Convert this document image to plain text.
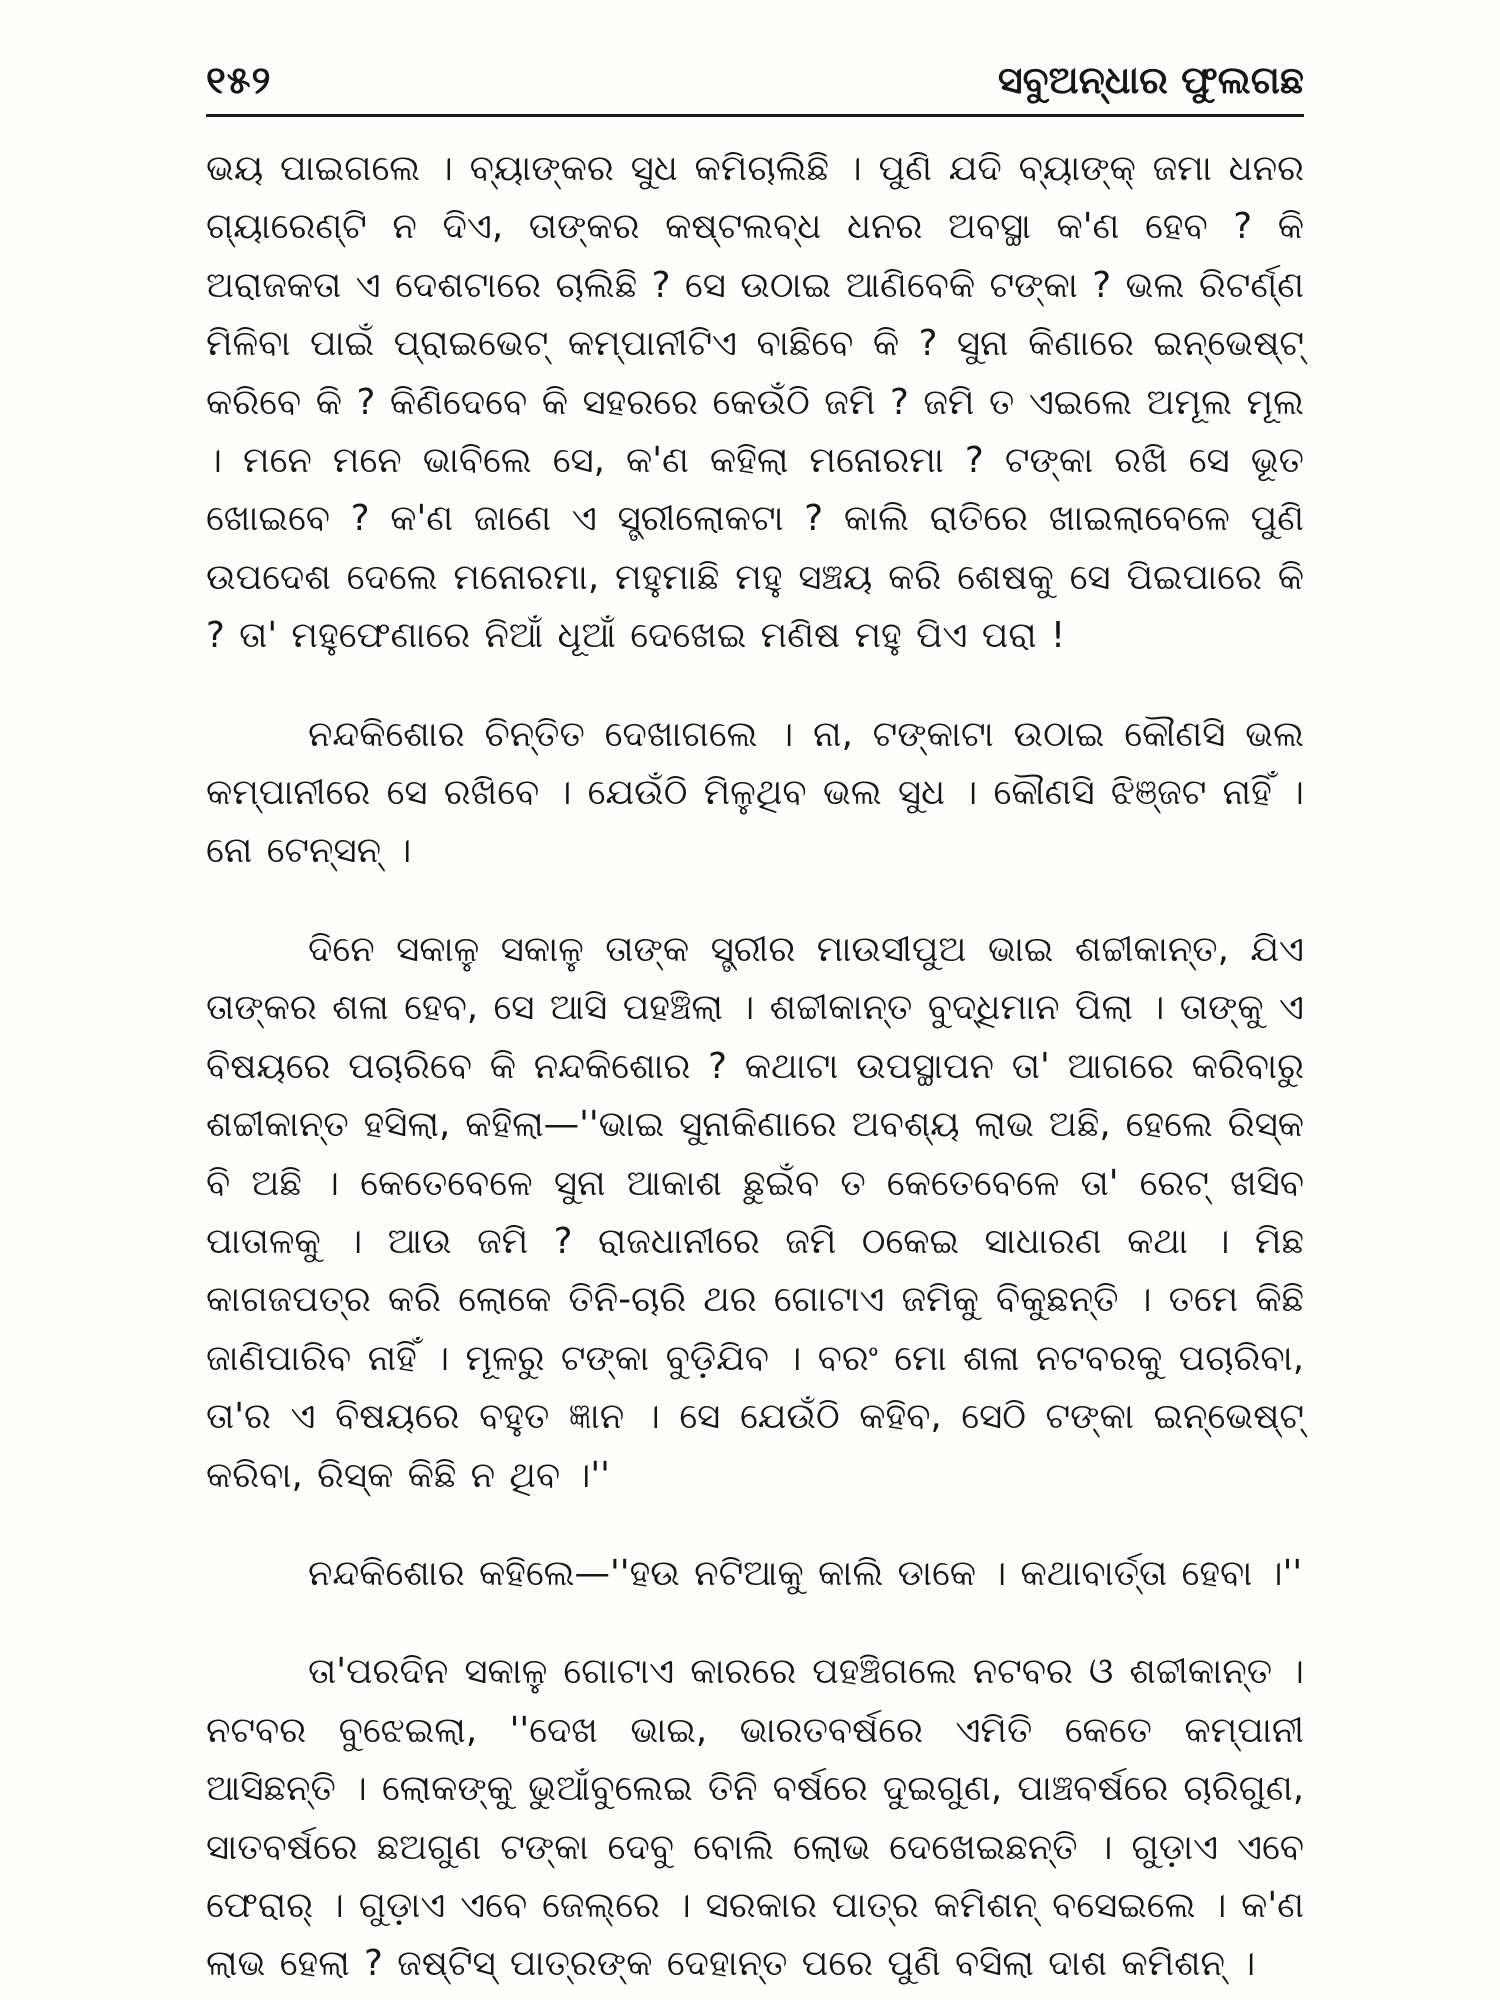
୧୫୨	ସବୁଅନ୍ଧାର ଫୁଲଗଛ

ଭୟ ପାଇଗଲେ । ବ୍ୟାଙ୍କର ସୁଧ କମିଚାଲିଛି । ପୁଣି ଯଦି ବ୍ୟାଙ୍କ୍ ଜମା ଧନର ଗ୍ୟାରେଣ୍ଟି ନ ଦିଏ, ତାଙ୍କର କଷ୍ଟଲବ୍ଧ ଧନର ଅବସ୍ଥା କ'ଣ ହେବ ? କି ଅରାଜକତା ଏ ଦେଶଟାରେ ଚାଲିଛି ? ସେ ଉଠାଇ ଆଣିବେକି ଟଙ୍କା ? ଭଲ ରିଟର୍ଣ୍ଣ ମିଳିବା ପାଇଁ ପ୍ରାଇଭେଟ୍ କମ୍ପାନୀଟିଏ ବାଛିବେ କି ? ସୁନା କିଣାରେ ଇନ୍‌ଭେଷ୍ଟ୍ କରିବେ କି ? କିଣିଦେବେ କି ସହରରେ କେଉଁଠି ଜମି ? ଜମି ତ ଏଇଲେ ଅମୂଲ ମୂଲ । ମନେ ମନେ ଭାବିଲେ ସେ, କ'ଣ କହିଲା ମନୋରମା ? ଟଙ୍କା ରଖି ସେ ଭୂତ ଖୋଇବେ ? କ'ଣ ଜାଣେ ଏ ସ୍ତ୍ରୀଲୋକଟା ? କାଲି ରାତିରେ ଖାଇଲାବେଳେ ପୁଣି ଉପଦେଶ ଦେଲେ ମନୋରମା, ମହୁମାଛି ମହୁ ସଞ୍ଚୟ କରି ଶେଷକୁ ସେ ପିଇପାରେ କି ? ତା' ମହୁଫେଣାରେ ନିଆଁ ଧୂଆଁ ଦେଖେଇ ମଣିଷ ମହୁ ପିଏ ପରା !

ନନ୍ଦକିଶୋର ଚିନ୍ତିତ ଦେଖାଗଲେ । ନା, ଟଙ୍କାଟା ଉଠାଇ କୌଣସି ଭଲ କମ୍ପାନୀରେ ସେ ରଖିବେ । ଯେଉଁଠି ମିଳୁଥିବ ଭଲ ସୁଧ । କୌଣସି ଝିଞ୍ଜଟ ନାହିଁ । ନୋ ଟେନ୍‌ସନ୍ ।

ଦିନେ ସକାଳୁ ସକାଳୁ ତାଙ୍କ ସ୍ତ୍ରୀର ମାଉସୀପୁଅ ଭାଇ ଶଚ୍ଚୀକାନ୍ତ, ଯିଏ ତାଙ୍କର ଶଳା ହେବ, ସେ ଆସି ପହଞ୍ଚିଲା । ଶଚ୍ଚୀକାନ୍ତ ବୁଦ୍ଧିମାନ ପିଲା । ତାଙ୍କୁ ଏ ବିଷୟରେ ପଚାରିବେ କି ନନ୍ଦକିଶୋର ? କଥାଟା ଉପସ୍ଥାପନ ତା' ଆଗରେ କରିବାରୁ ଶଚ୍ଚୀକାନ୍ତ ହସିଲା, କହିଲା—''ଭାଇ ସୁନାକିଣାରେ ଅବଶ୍ୟ ଲାଭ ଅଛି, ହେଲେ ରିସ୍କ ବି ଅଛି । କେତେବେଳେ ସୁନା ଆକାଶ ଛୁଇଁବ ତ କେତେବେଳେ ତା' ରେଟ୍ ଖସିବ ପାତାଳକୁ । ଆଉ ଜମି ? ରାଜଧାନୀରେ ଜମି ଠକେଇ ସାଧାରଣ କଥା । ମିଛ କାଗଜପତ୍ର କରି ଲୋକେ ତିନି-ଚାରି ଥର ଗୋଟାଏ ଜମିକୁ ବିକୁଛନ୍ତି । ତମେ କିଛି ଜାଣିପାରିବ ନାହିଁ । ମୂଳରୁ ଟଙ୍କା ବୁଡ଼ିଯିବ । ବରଂ ମୋ ଶଳା ନଟବରକୁ ପଚାରିବା, ତା'ର ଏ ବିଷୟରେ ବହୁତ ଜ୍ଞାନ । ସେ ଯେଉଁଠି କହିବ, ସେଠି ଟଙ୍କା ଇନ୍‌ଭେଷ୍ଟ୍ କରିବା, ରିସ୍କ କିଛି ନ ଥିବ ।''

ନନ୍ଦକିଶୋର କହିଲେ—''ହଉ ନଟିଆକୁ କାଲି ଡାକେ । କଥାବାର୍ତ୍ତା ହେବା ।''

ତା'ପରଦିନ ସକାଳୁ ଗୋଟାଏ କାରରେ ପହଞ୍ଚିଗଲେ ନଟବର ଓ ଶଚ୍ଚୀକାନ୍ତ । ନଟବର ବୁଝେଇଲା, ''ଦେଖ ଭାଇ, ଭାରତବର୍ଷରେ ଏମିତି କେତେ କମ୍ପାନୀ ଆସିଛନ୍ତି । ଲୋକଙ୍କୁ ଭୁଆଁବୁଲେଇ ତିନି ବର୍ଷରେ ଦୁଇଗୁଣ, ପାଞ୍ଚବର୍ଷରେ ଚାରିଗୁଣ, ସାତବର୍ଷରେ ଛଅଗୁଣ ଟଙ୍କା ଦେବୁ ବୋଲି ଲୋଭ ଦେଖେଇଛନ୍ତି । ଗୁଡ଼ାଏ ଏବେ ଫେରାର୍ । ଗୁଡ଼ାଏ ଏବେ ଜେଲ୍‌ରେ । ସରକାର ପାତ୍ର କମିଶନ୍ ବସେଇଲେ । କ'ଣ ଲାଭ ହେଲା ? ଜଷ୍ଟିସ୍ ପାତ୍ରଙ୍କ ଦେହାନ୍ତ ପରେ ପୁଣି ବସିଲା ଦାଶ କମିଶନ୍ ।
